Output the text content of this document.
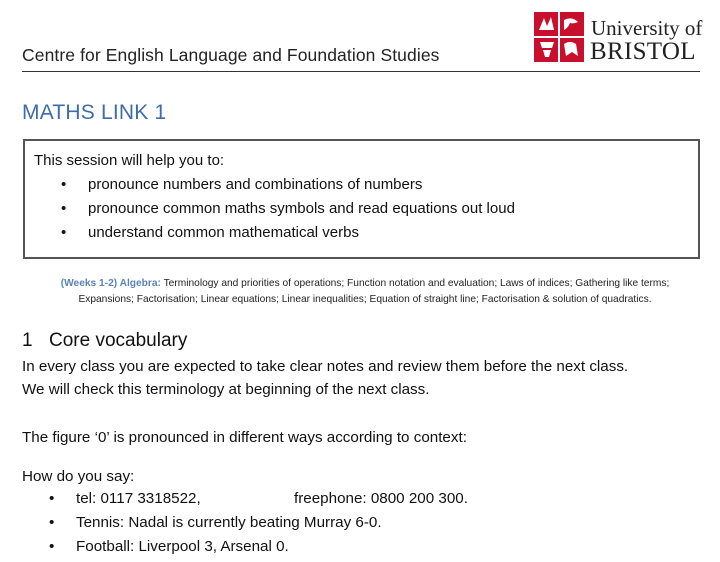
Centre for English Language and Foundation Studies
University of
BRISTOL
MATHS LINK 1
This session will help you to:
• pronounce numbers and combinations of numbers
• pronounce common maths symbols and read equations out loud
• understand common mathematical verbs
(Weeks 1-2) Algebra: Terminology and priorities of operations; Function notation and evaluation; Laws of indices; Gathering like terms;
Expansions; Factorisation; Linear equations; Linear inequalities; Equation of straight line; Factorisation & solution of quadratics.
1 Core vocabulary
In every class you are expected to take clear notes and review them before the next class.
We will check this terminology at beginning of the next class.
The figure ‘0’ is pronounced in different ways according to context:
How do you say:
• tel: 0117 3318522,	freephone: 0800 200 300.
• Tennis: Nadal is currently beating Murray 6-0.
• Football: Liverpool 3, Arsenal 0.
